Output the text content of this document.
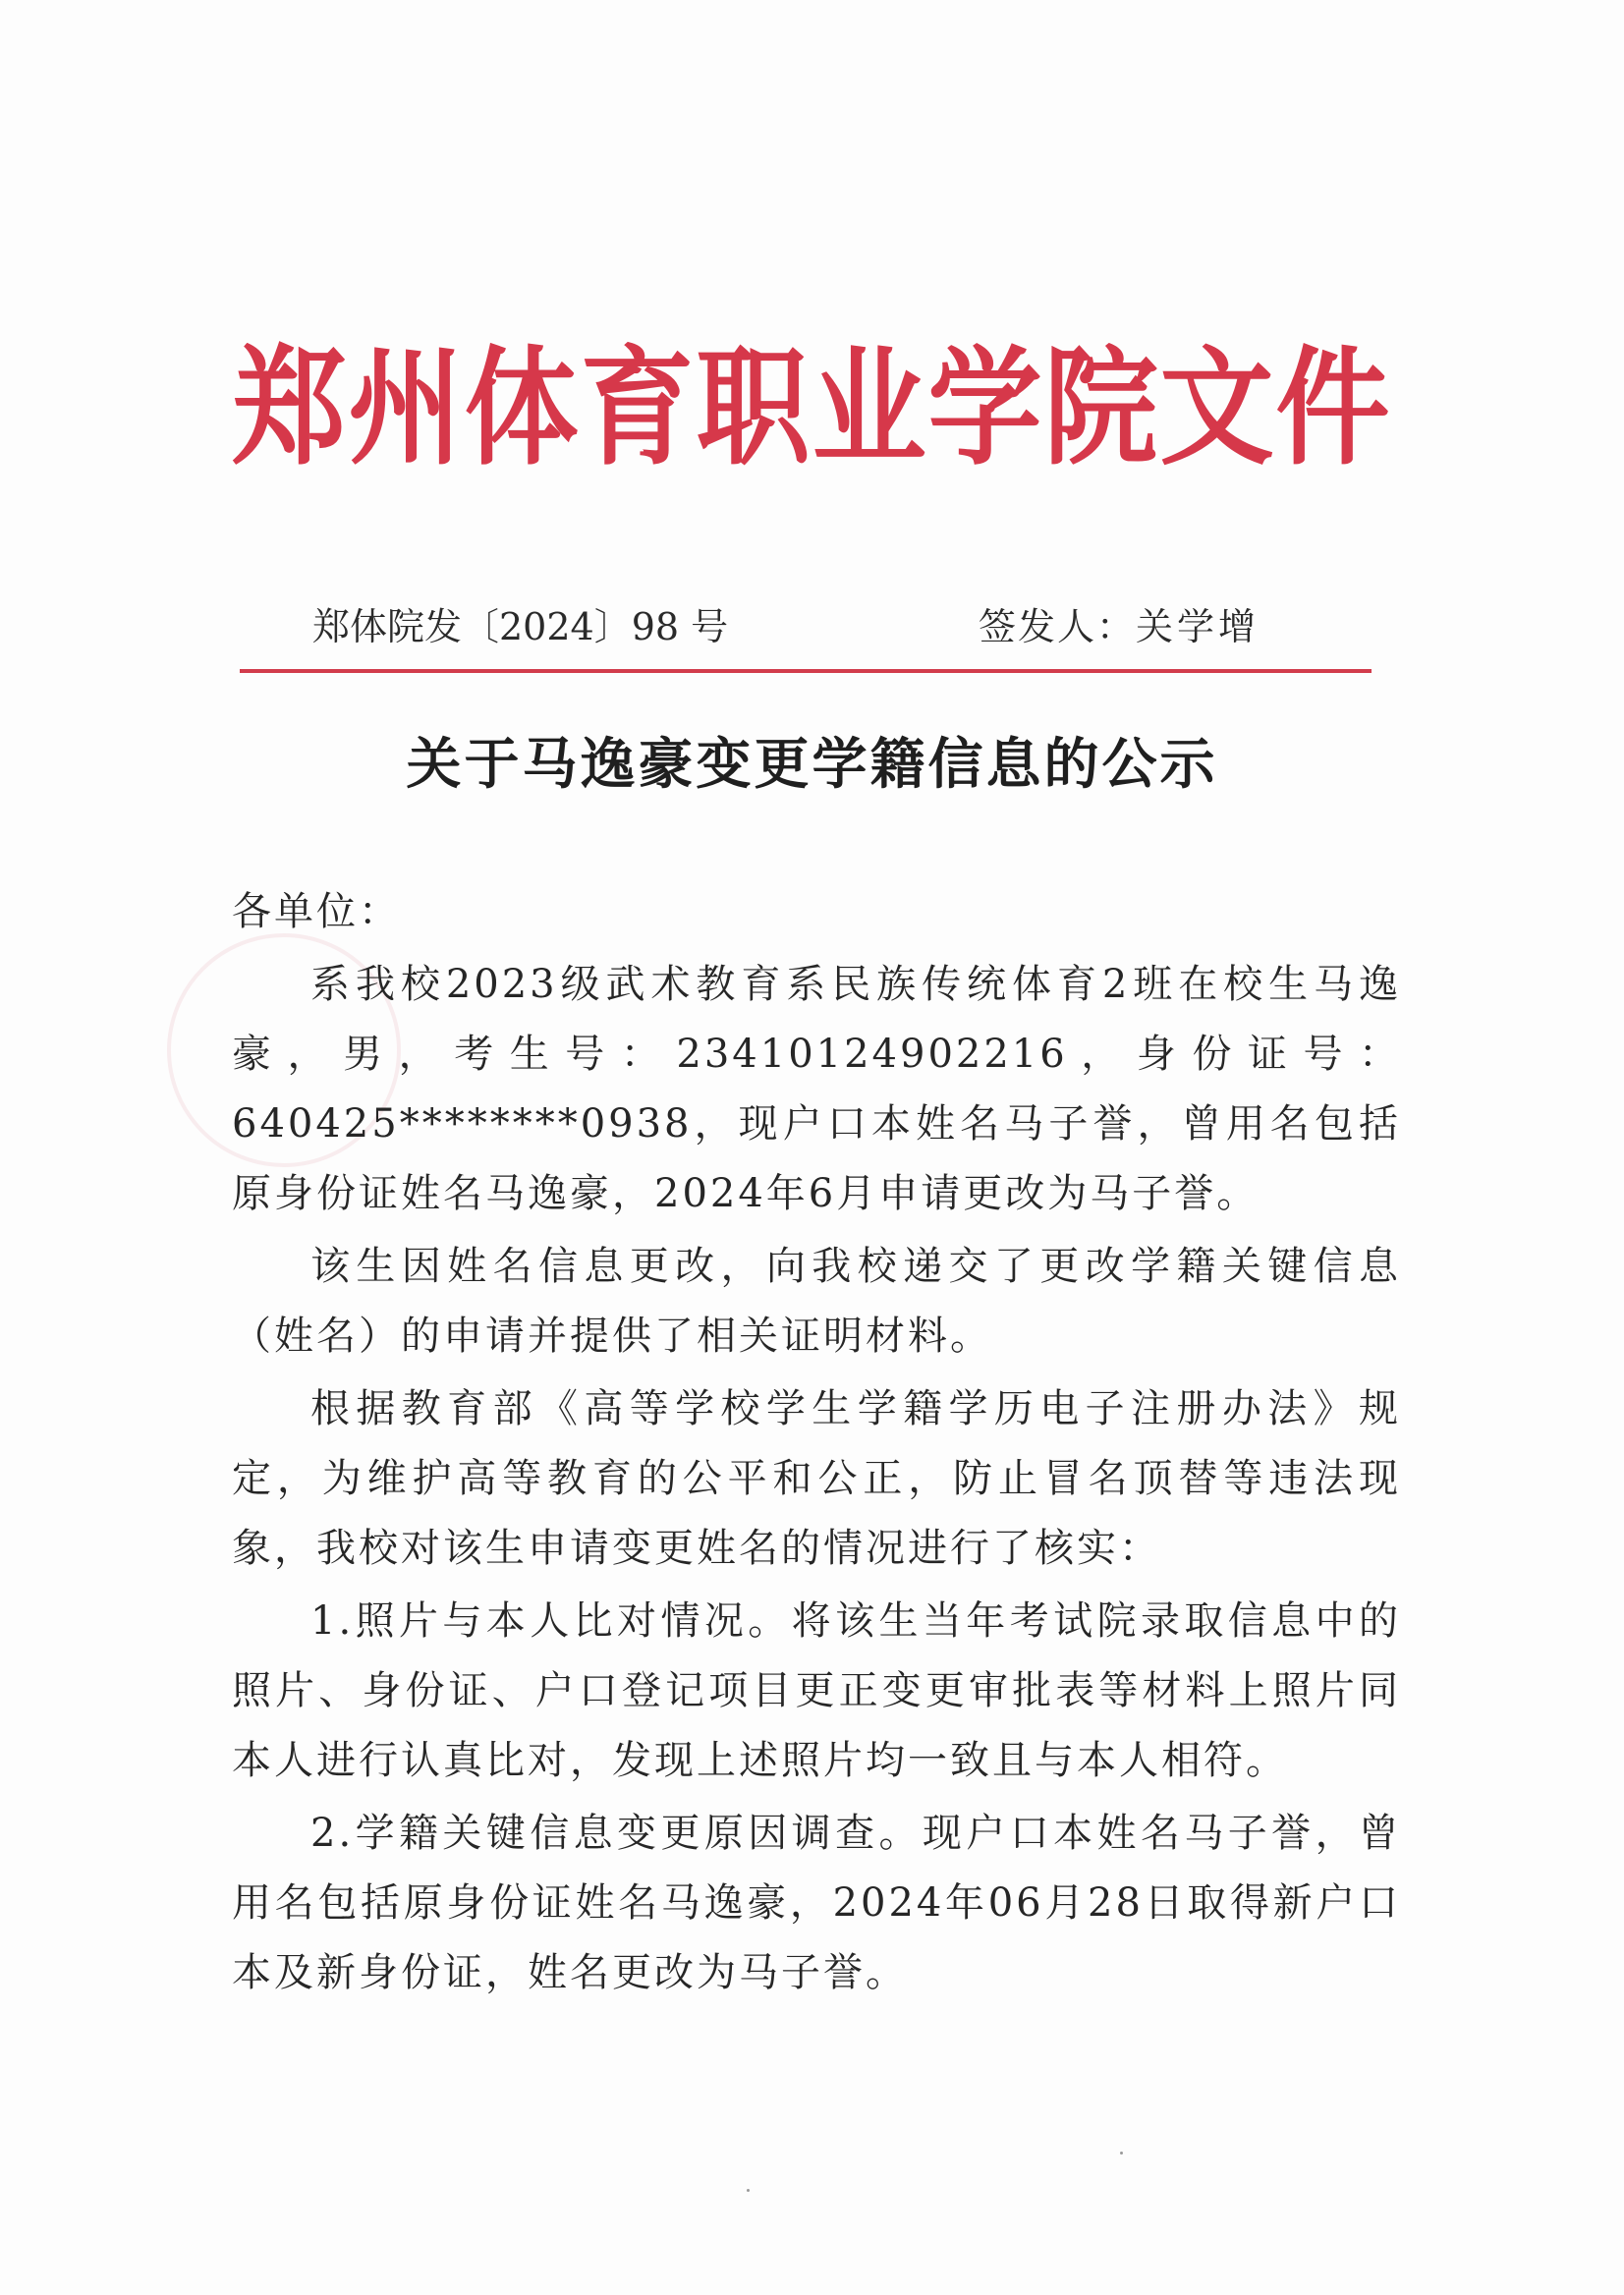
郑州体育职业学院文件
郑体院发〔2024〕98 号	签发人：关学增
关于马逸豪变更学籍信息的公示

各单位：

系我校2023级武术教育系民族传统体育2班在校生马逸豪，男，考生号：23410124902216，身份证号：640425********0938，现户口本姓名马子誉，曾用名包括原身份证姓名马逸豪，2024年6月申请更改为马子誉。

该生因姓名信息更改，向我校递交了更改学籍关键信息（姓名）的申请并提供了相关证明材料。

根据教育部《高等学校学生学籍学历电子注册办法》规定，为维护高等教育的公平和公正，防止冒名顶替等违法现象，我校对该生申请变更姓名的情况进行了核实：

1.照片与本人比对情况。将该生当年考试院录取信息中的照片、身份证、户口登记项目更正变更审批表等材料上照片同本人进行认真比对，发现上述照片均一致且与本人相符。

2.学籍关键信息变更原因调查。现户口本姓名马子誉，曾用名包括原身份证姓名马逸豪，2024年06月28日取得新户口本及新身份证，姓名更改为马子誉。
